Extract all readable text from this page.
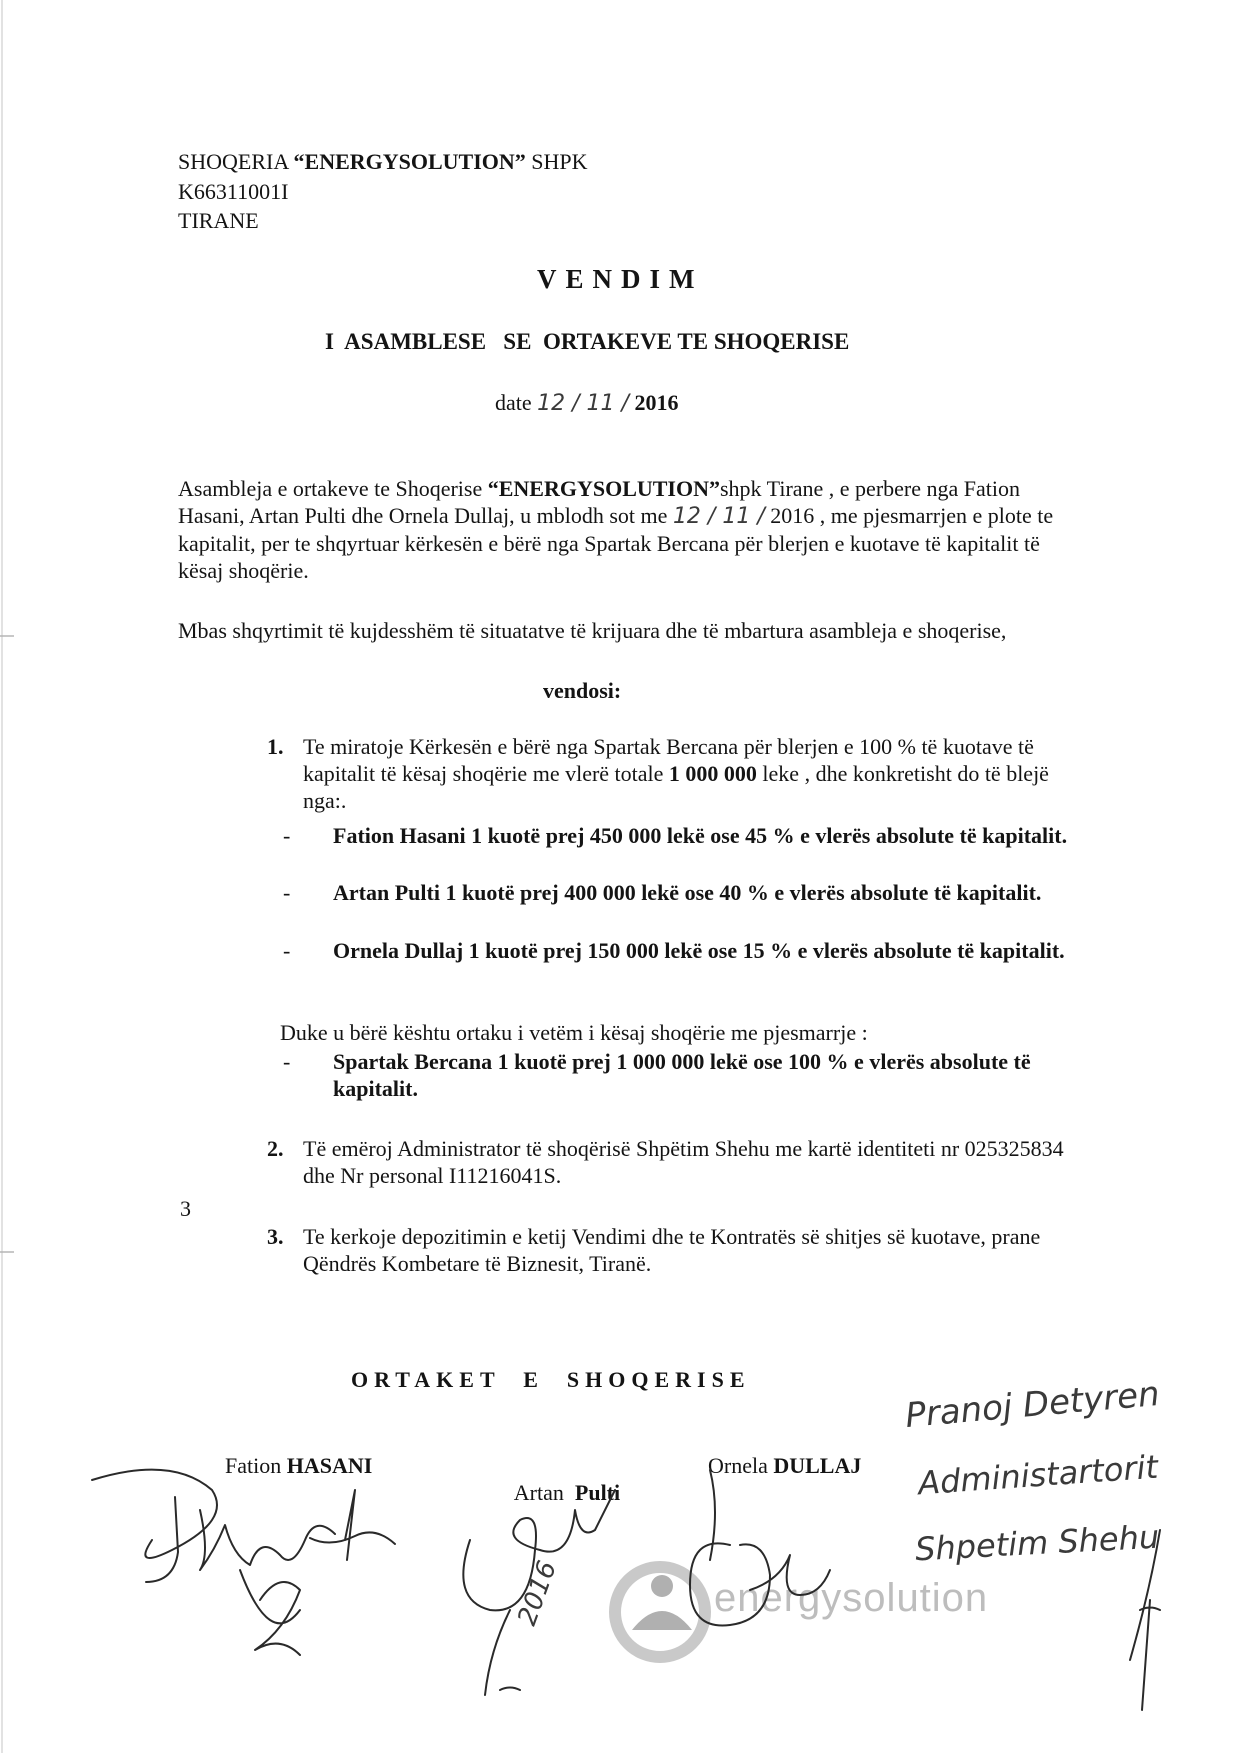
SHOQERIA “ENERGYSOLUTION” SHPK
K66311001I
TIRANE
VENDIM
I  ASAMBLESE   SE  ORTAKEVE TE SHOQERISE
date 12 / 11 / 2016
Asambleja e ortakeve te Shoqerise “ENERGYSOLUTION”shpk Tirane , e perbere nga Fation Hasani, Artan Pulti dhe Ornela Dullaj, u mblodh sot me 12 / 11 / 2016 , me pjesmarrjen e plote te kapitalit, per te shqyrtuar kërkesën e bërë nga Spartak Bercana për blerjen e kuotave të kapitalit të kësaj shoqërie.
Mbas shqyrtimit të kujdesshëm të situatatve të krijuara dhe të mbartura asambleja e shoqerise,
vendosi:
1. Te miratoje Kërkesën e bërë nga Spartak Bercana për blerjen e 100 % të kuotave të kapitalit të kësaj shoqërie me vlerë totale 1 000 000 leke , dhe konkretisht do të blejë nga:.
- Fation Hasani 1 kuotë prej 450 000 lekë ose 45 % e vlerës absolute të kapitalit.
- Artan Pulti 1 kuotë prej 400 000 lekë ose 40 % e vlerës absolute të kapitalit.
- Ornela Dullaj 1 kuotë prej 150 000 lekë ose 15 % e vlerës absolute të kapitalit.
Duke u bërë kështu ortaku i vetëm i kësaj shoqërie me pjesmarrje :
- Spartak Bercana 1 kuotë prej 1 000 000 lekë ose 100 % e vlerës absolute të kapitalit.
2. Të emëroj Administrator të shoqërisë Shpëtim Shehu me kartë identiteti nr 025325834 dhe Nr personal I11216041S.
3
3. Te kerkoje depozitimin e ketij Vendimi dhe te Kontratës së shitjes së kuotave, prane Qëndrës Kombetare të Biznesit, Tiranë.
ORTAKET  E  SHOQERISE
Fation HASANI

Artan  Pulti

Ornela DULLAJ
Pranoj Detyren
Administartorit
Shpetim Shehu
energysolution
2016
